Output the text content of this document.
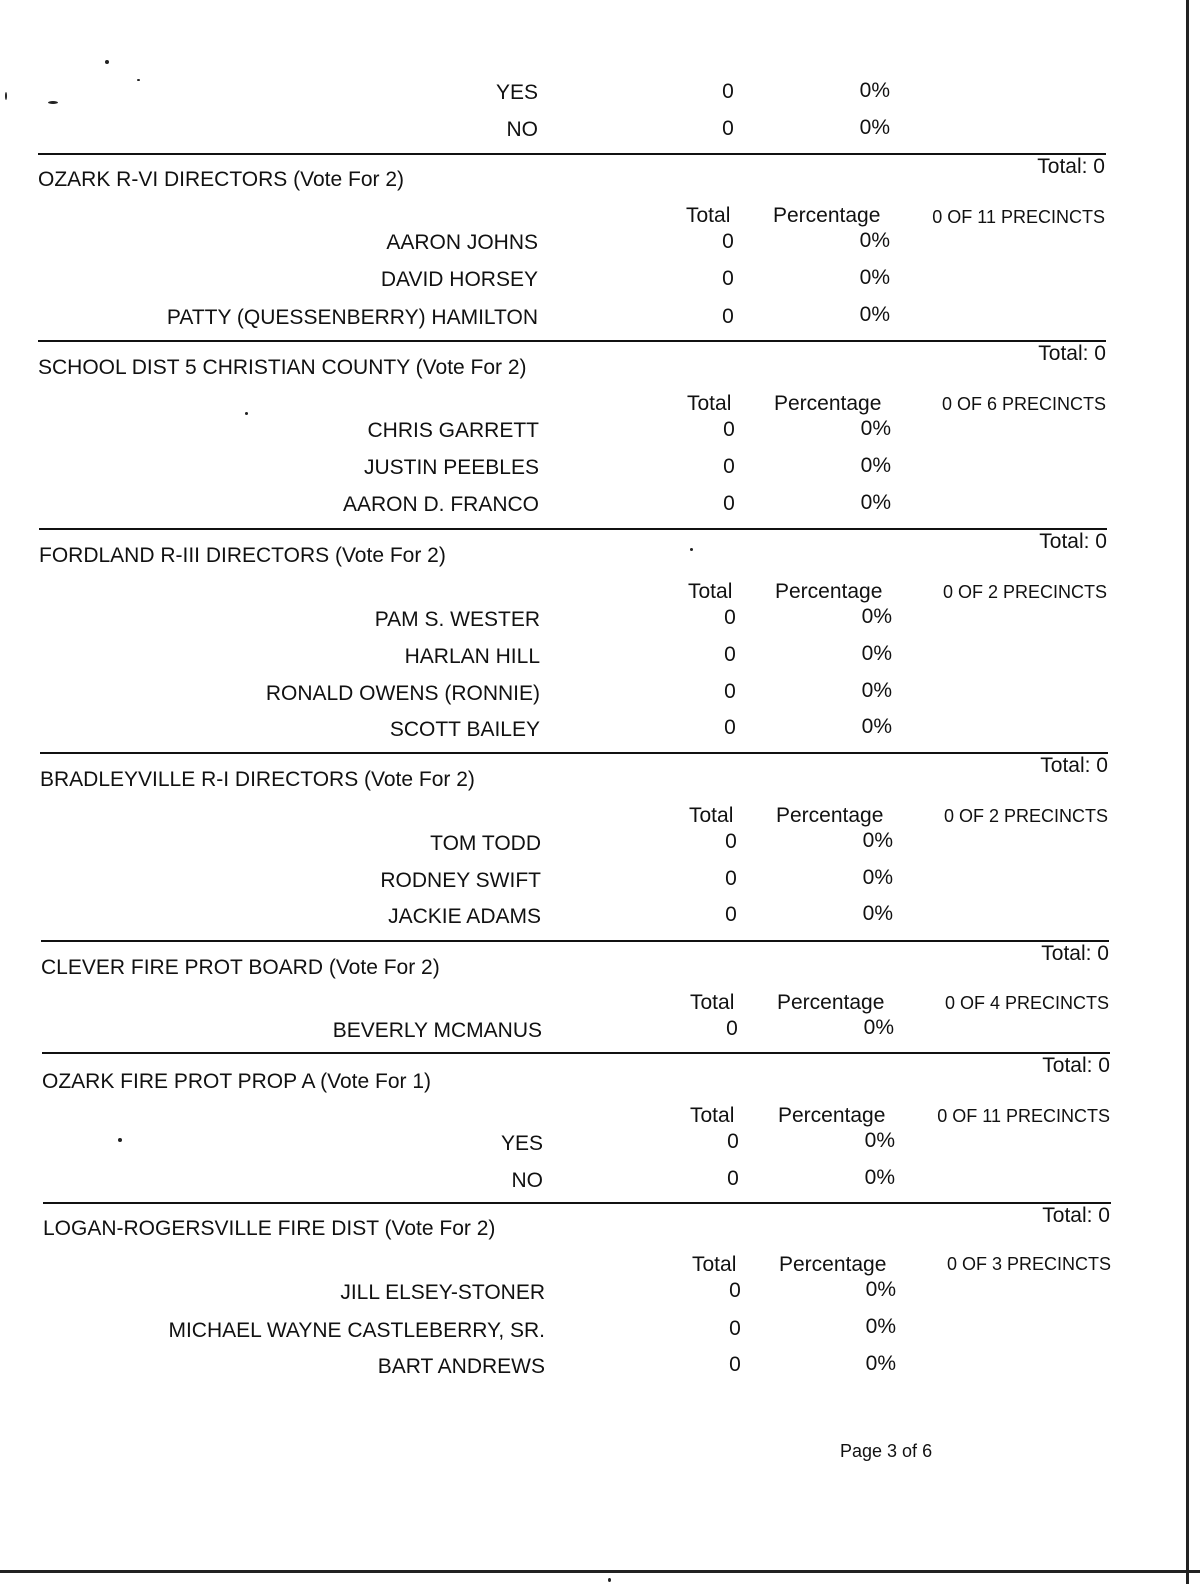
YES	0	0%
NO	0	0%
Total: 0
OZARK R-VI DIRECTORS (Vote For 2)
Total Percentage	0 OF 11 PRECINCTS
AARON JOHNS	0	0%
DAVID HORSEY	0	0%
PATTY (QUESSENBERRY) HAMILTON	0	0%
Total: 0
SCHOOL DIST 5 CHRISTIAN COUNTY (Vote For 2)
Total Percentage	0 OF 6 PRECINCTS
CHRIS GARRETT	0	0%
JUSTIN PEEBLES	0	0%
AARON D. FRANCO	0	0%
Total: 0
FORDLAND R-III DIRECTORS (Vote For 2)
Total Percentage	0 OF 2 PRECINCTS
PAM S. WESTER	0	0%
HARLAN HILL	0	0%
RONALD OWENS (RONNIE)	0	0%
SCOTT BAILEY	0	0%
Total: 0
BRADLEYVILLE R-I DIRECTORS (Vote For 2)
Total Percentage	0 OF 2 PRECINCTS
TOM TODD	0	0%
RODNEY SWIFT	0	0%
JACKIE ADAMS	0	0%
Total: 0
CLEVER FIRE PROT BOARD (Vote For 2)
Total Percentage	0 OF 4 PRECINCTS
BEVERLY MCMANUS	0	0%
Total: 0
OZARK FIRE PROT PROP A (Vote For 1)
Total Percentage	0 OF 11 PRECINCTS
YES	0	0%
NO	0	0%
Total: 0
LOGAN-ROGERSVILLE FIRE DIST (Vote For 2)
Total Percentage	0 OF 3 PRECINCTS
JILL ELSEY-STONER	0	0%
MICHAEL WAYNE CASTLEBERRY, SR.	0	0%
BART ANDREWS	0	0%
Page 3 of 6
